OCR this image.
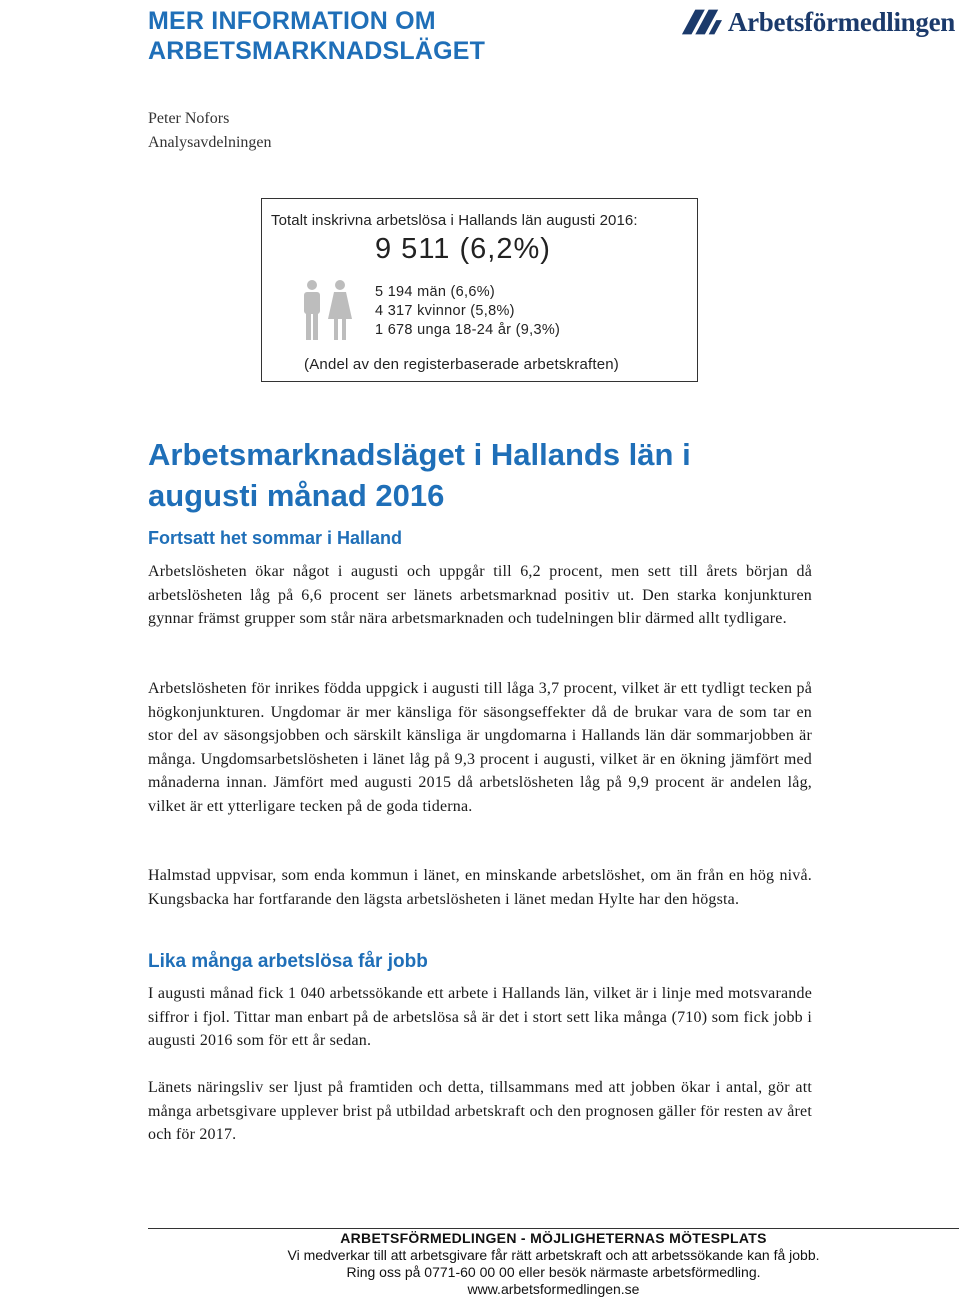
MER INFORMATION OM
ARBETSMARKNADSLÄGET
Arbetsförmedlingen
Peter Nofors
Analysavdelningen
Totalt inskrivna arbetslösa i Hallands län augusti 2016:
9 511 (6,2%)
5 194 män (6,6%)
4 317 kvinnor (5,8%)
1 678 unga 18-24 år (9,3%)
(Andel av den registerbaserade arbetskraften)
Arbetsmarknadsläget i Hallands län i
augusti månad 2016
Fortsatt het sommar i Halland
Arbetslösheten ökar något i augusti och uppgår till 6,2 procent, men sett till årets början då arbetslösheten låg på 6,6 procent ser länets arbetsmarknad positiv ut. Den starka konjunkturen gynnar främst grupper som står nära arbetsmarknaden och tudelningen blir därmed allt tydligare.
Arbetslösheten för inrikes födda uppgick i augusti till låga 3,7 procent, vilket är ett tydligt tecken på högkonjunkturen. Ungdomar är mer känsliga för säsongseffekter då de brukar vara de som tar en stor del av säsongsjobben och särskilt känsliga är ungdomarna i Hallands län där sommarjobben är många. Ungdomsarbetslösheten i länet låg på 9,3 procent i augusti, vilket är en ökning jämfört med månaderna innan. Jämfört med augusti 2015 då arbetslösheten låg på 9,9 procent är andelen låg, vilket är ett ytterligare tecken på de goda tiderna.
Halmstad uppvisar, som enda kommun i länet, en minskande arbetslöshet, om än från en hög nivå. Kungsbacka har fortfarande den lägsta arbetslösheten i länet medan Hylte har den högsta.
Lika många arbetslösa får jobb
I augusti månad fick 1 040 arbetssökande ett arbete i Hallands län, vilket är i linje med motsvarande siffror i fjol. Tittar man enbart på de arbetslösa så är det i stort sett lika många (710) som fick jobb i augusti 2016 som för ett år sedan.
Länets näringsliv ser ljust på framtiden och detta, tillsammans med att jobben ökar i antal, gör att många arbetsgivare upplever brist på utbildad arbetskraft och den prognosen gäller för resten av året och för 2017.
ARBETSFÖRMEDLINGEN - MÖJLIGHETERNAS MÖTESPLATS
Vi medverkar till att arbetsgivare får rätt arbetskraft och att arbetssökande kan få jobb.
Ring oss på 0771-60 00 00 eller besök närmaste arbetsförmedling.
www.arbetsformedlingen.se
